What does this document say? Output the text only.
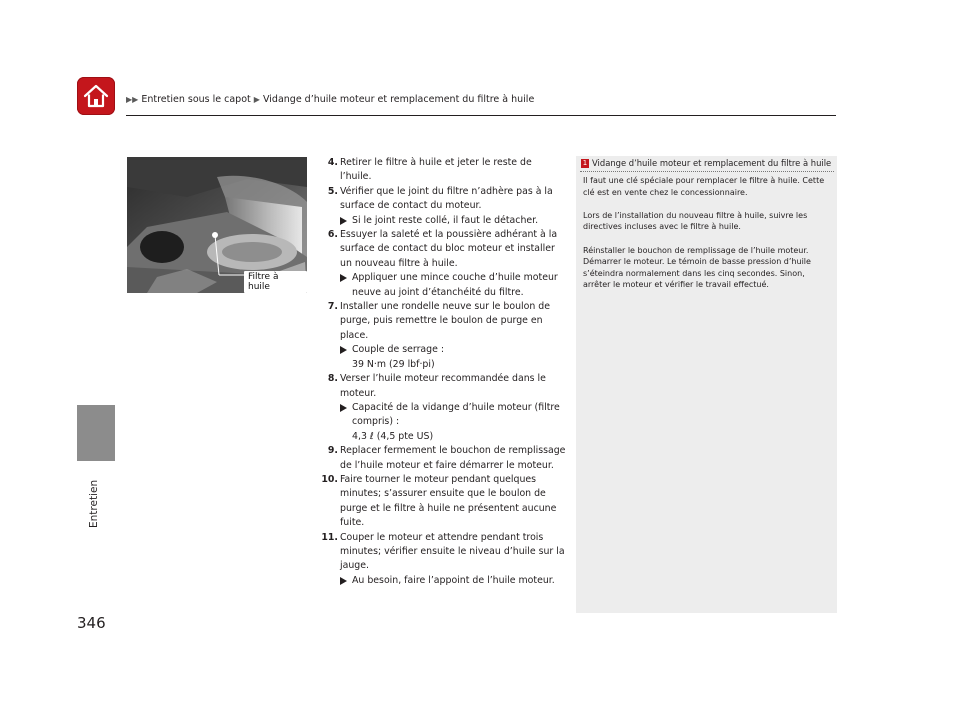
▶▶ Entretien sous le capot ▶ Vidange d’huile moteur et remplacement du filtre à huile
Entretien
346
Filtre à huile
4. Retirer le filtre à huile et jeter le reste de l’huile.
5. Vérifier que le joint du filtre n’adhère pas à la surface de contact du moteur.
Si le joint reste collé, il faut le détacher.
6. Essuyer la saleté et la poussière adhérant à la surface de contact du bloc moteur et installer un nouveau filtre à huile.
Appliquer une mince couche d’huile moteur neuve au joint d’étanchéité du filtre.
7. Installer une rondelle neuve sur le boulon de purge, puis remettre le boulon de purge en place.
Couple de serrage :
39 N·m (29 lbf·pi)
8. Verser l’huile moteur recommandée dans le moteur.
Capacité de la vidange d’huile moteur (filtre compris) :
4,3 ℓ (4,5 pte US)
9. Replacer fermement le bouchon de remplissage de l’huile moteur et faire démarrer le moteur.
10. Faire tourner le moteur pendant quelques minutes; s’assurer ensuite que le boulon de purge et le filtre à huile ne présentent aucune fuite.
11. Couper le moteur et attendre pendant trois minutes; vérifier ensuite le niveau d’huile sur la jauge.
Au besoin, faire l’appoint de l’huile moteur.
1 Vidange d’huile moteur et remplacement du filtre à huile

Il faut une clé spéciale pour remplacer le filtre à huile. Cette clé est en vente chez le concessionnaire.

Lors de l’installation du nouveau filtre à huile, suivre les directives incluses avec le filtre à huile.

Réinstaller le bouchon de remplissage de l’huile moteur. Démarrer le moteur. Le témoin de basse pression d’huile s’éteindra normalement dans les cinq secondes. Sinon, arrêter le moteur et vérifier le travail effectué.
